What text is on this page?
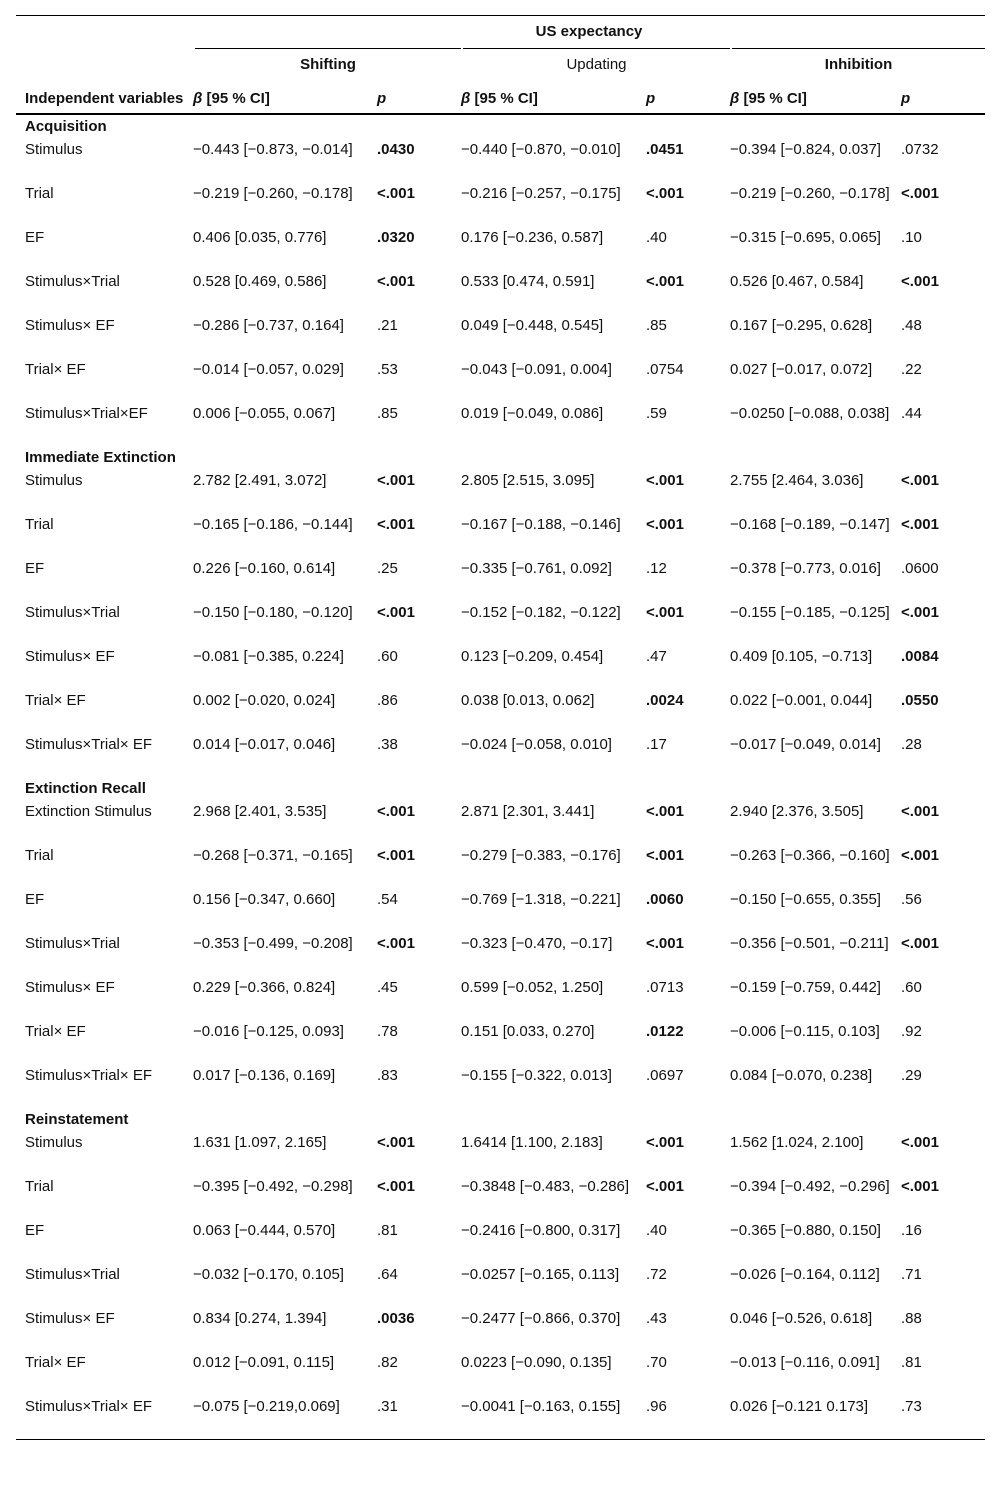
	US expectancy					

	Shifting		Updating		Inhibition	

Independent variables	β [95 % CI]	p	β [95 % CI]	p	β [95 % CI]	p
Acquisition						
Stimulus	−0.443 [−0.873, −0.014]	.0430	−0.440 [−0.870, −0.010]	.0451	−0.394 [−0.824, 0.037]	.0732
Trial	−0.219 [−0.260, −0.178]	<.001	−0.216 [−0.257, −0.175]	<.001	−0.219 [−0.260, −0.178]	<.001
EF	0.406 [0.035, 0.776]	.0320	0.176 [−0.236, 0.587]	.40	−0.315 [−0.695, 0.065]	.10
Stimulus×Trial	0.528 [0.469, 0.586]	<.001	0.533 [0.474, 0.591]	<.001	0.526 [0.467, 0.584]	<.001
Stimulus× EF	−0.286 [−0.737, 0.164]	.21	0.049 [−0.448, 0.545]	.85	0.167 [−0.295, 0.628]	.48
Trial× EF	−0.014 [−0.057, 0.029]	.53	−0.043 [−0.091, 0.004]	.0754	0.027 [−0.017, 0.072]	.22
Stimulus×Trial×EF	0.006 [−0.055, 0.067]	.85	0.019 [−0.049, 0.086]	.59	−0.0250 [−0.088, 0.038]	.44
Immediate Extinction						
Stimulus	2.782 [2.491, 3.072]	<.001	2.805 [2.515, 3.095]	<.001	2.755 [2.464, 3.036]	<.001
Trial	−0.165 [−0.186, −0.144]	<.001	−0.167 [−0.188, −0.146]	<.001	−0.168 [−0.189, −0.147]	<.001
EF	0.226 [−0.160, 0.614]	.25	−0.335 [−0.761, 0.092]	.12	−0.378 [−0.773, 0.016]	.0600
Stimulus×Trial	−0.150 [−0.180, −0.120]	<.001	−0.152 [−0.182, −0.122]	<.001	−0.155 [−0.185, −0.125]	<.001
Stimulus× EF	−0.081 [−0.385, 0.224]	.60	0.123 [−0.209, 0.454]	.47	0.409 [0.105, −0.713]	.0084
Trial× EF	0.002 [−0.020, 0.024]	.86	0.038 [0.013, 0.062]	.0024	0.022 [−0.001, 0.044]	.0550
Stimulus×Trial× EF	0.014 [−0.017, 0.046]	.38	−0.024 [−0.058, 0.010]	.17	−0.017 [−0.049, 0.014]	.28
Extinction Recall						
Extinction Stimulus	2.968 [2.401, 3.535]	<.001	2.871 [2.301, 3.441]	<.001	2.940 [2.376, 3.505]	<.001
Trial	−0.268 [−0.371, −0.165]	<.001	−0.279 [−0.383, −0.176]	<.001	−0.263 [−0.366, −0.160]	<.001
EF	0.156 [−0.347, 0.660]	.54	−0.769 [−1.318, −0.221]	.0060	−0.150 [−0.655, 0.355]	.56
Stimulus×Trial	−0.353 [−0.499, −0.208]	<.001	−0.323 [−0.470, −0.17]	<.001	−0.356 [−0.501, −0.211]	<.001
Stimulus× EF	0.229 [−0.366, 0.824]	.45	0.599 [−0.052, 1.250]	.0713	−0.159 [−0.759, 0.442]	.60
Trial× EF	−0.016 [−0.125, 0.093]	.78	0.151 [0.033, 0.270]	.0122	−0.006 [−0.115, 0.103]	.92
Stimulus×Trial× EF	0.017 [−0.136, 0.169]	.83	−0.155 [−0.322, 0.013]	.0697	0.084 [−0.070, 0.238]	.29
Reinstatement						
Stimulus	1.631 [1.097, 2.165]	<.001	1.6414 [1.100, 2.183]	<.001	1.562 [1.024, 2.100]	<.001
Trial	−0.395 [−0.492, −0.298]	<.001	−0.3848 [−0.483, −0.286]	<.001	−0.394 [−0.492, −0.296]	<.001
EF	0.063 [−0.444, 0.570]	.81	−0.2416 [−0.800, 0.317]	.40	−0.365 [−0.880, 0.150]	.16
Stimulus×Trial	−0.032 [−0.170, 0.105]	.64	−0.0257 [−0.165, 0.113]	.72	−0.026 [−0.164, 0.112]	.71
Stimulus× EF	0.834 [0.274, 1.394]	.0036	−0.2477 [−0.866, 0.370]	.43	0.046 [−0.526, 0.618]	.88
Trial× EF	0.012 [−0.091, 0.115]	.82	0.0223 [−0.090, 0.135]	.70	−0.013 [−0.116, 0.091]	.81
Stimulus×Trial× EF	−0.075 [−0.219,0.069]	.31	−0.0041 [−0.163, 0.155]	.96	0.026 [−0.121 0.173]	.73
